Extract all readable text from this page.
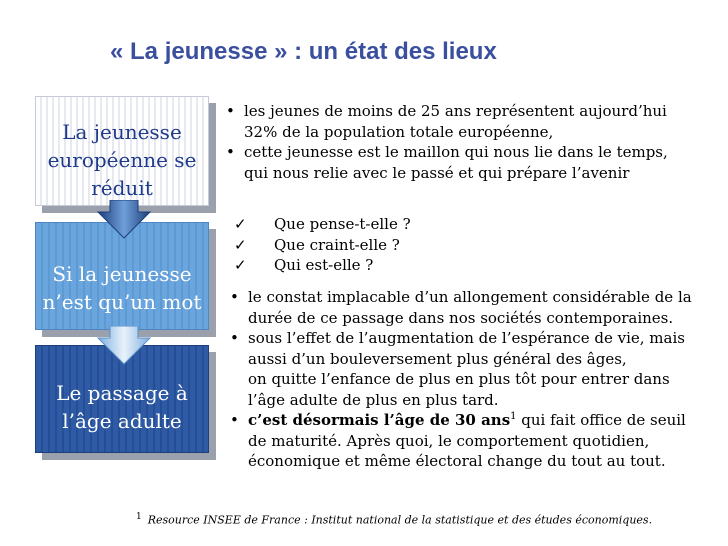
« La jeunesse » : un état des lieux
La jeunesse
européenne se
réduit
Si la jeunesse
n’est qu’un mot
Le passage à
l’âge adulte
• les jeunes de moins de 25 ans représentent aujourd’hui
32% de la population totale européenne,
• cette jeunesse est le maillon qui nous lie dans le temps,
qui nous relie avec le passé et qui prépare l’avenir
✓ Que pense-t-elle ?
✓ Que craint-elle ?
✓ Qui est-elle ?
• le constat implacable d’un allongement considérable de la
durée de ce passage dans nos sociétés contemporaines.
• sous l’effet de l’augmentation de l’espérance de vie, mais
aussi d’un bouleversement plus général des âges,
on quitte l’enfance de plus en plus tôt pour entrer dans
l’âge adulte de plus en plus tard.
• c’est désormais l’âge de 30 ans$^1$ qui fait office de seuil
de maturité. Après quoi, le comportement quotidien,
économique et même électoral change du tout au tout.
$^1$ Resource INSEE de France : Institut national de la statistique et des études économiques.
